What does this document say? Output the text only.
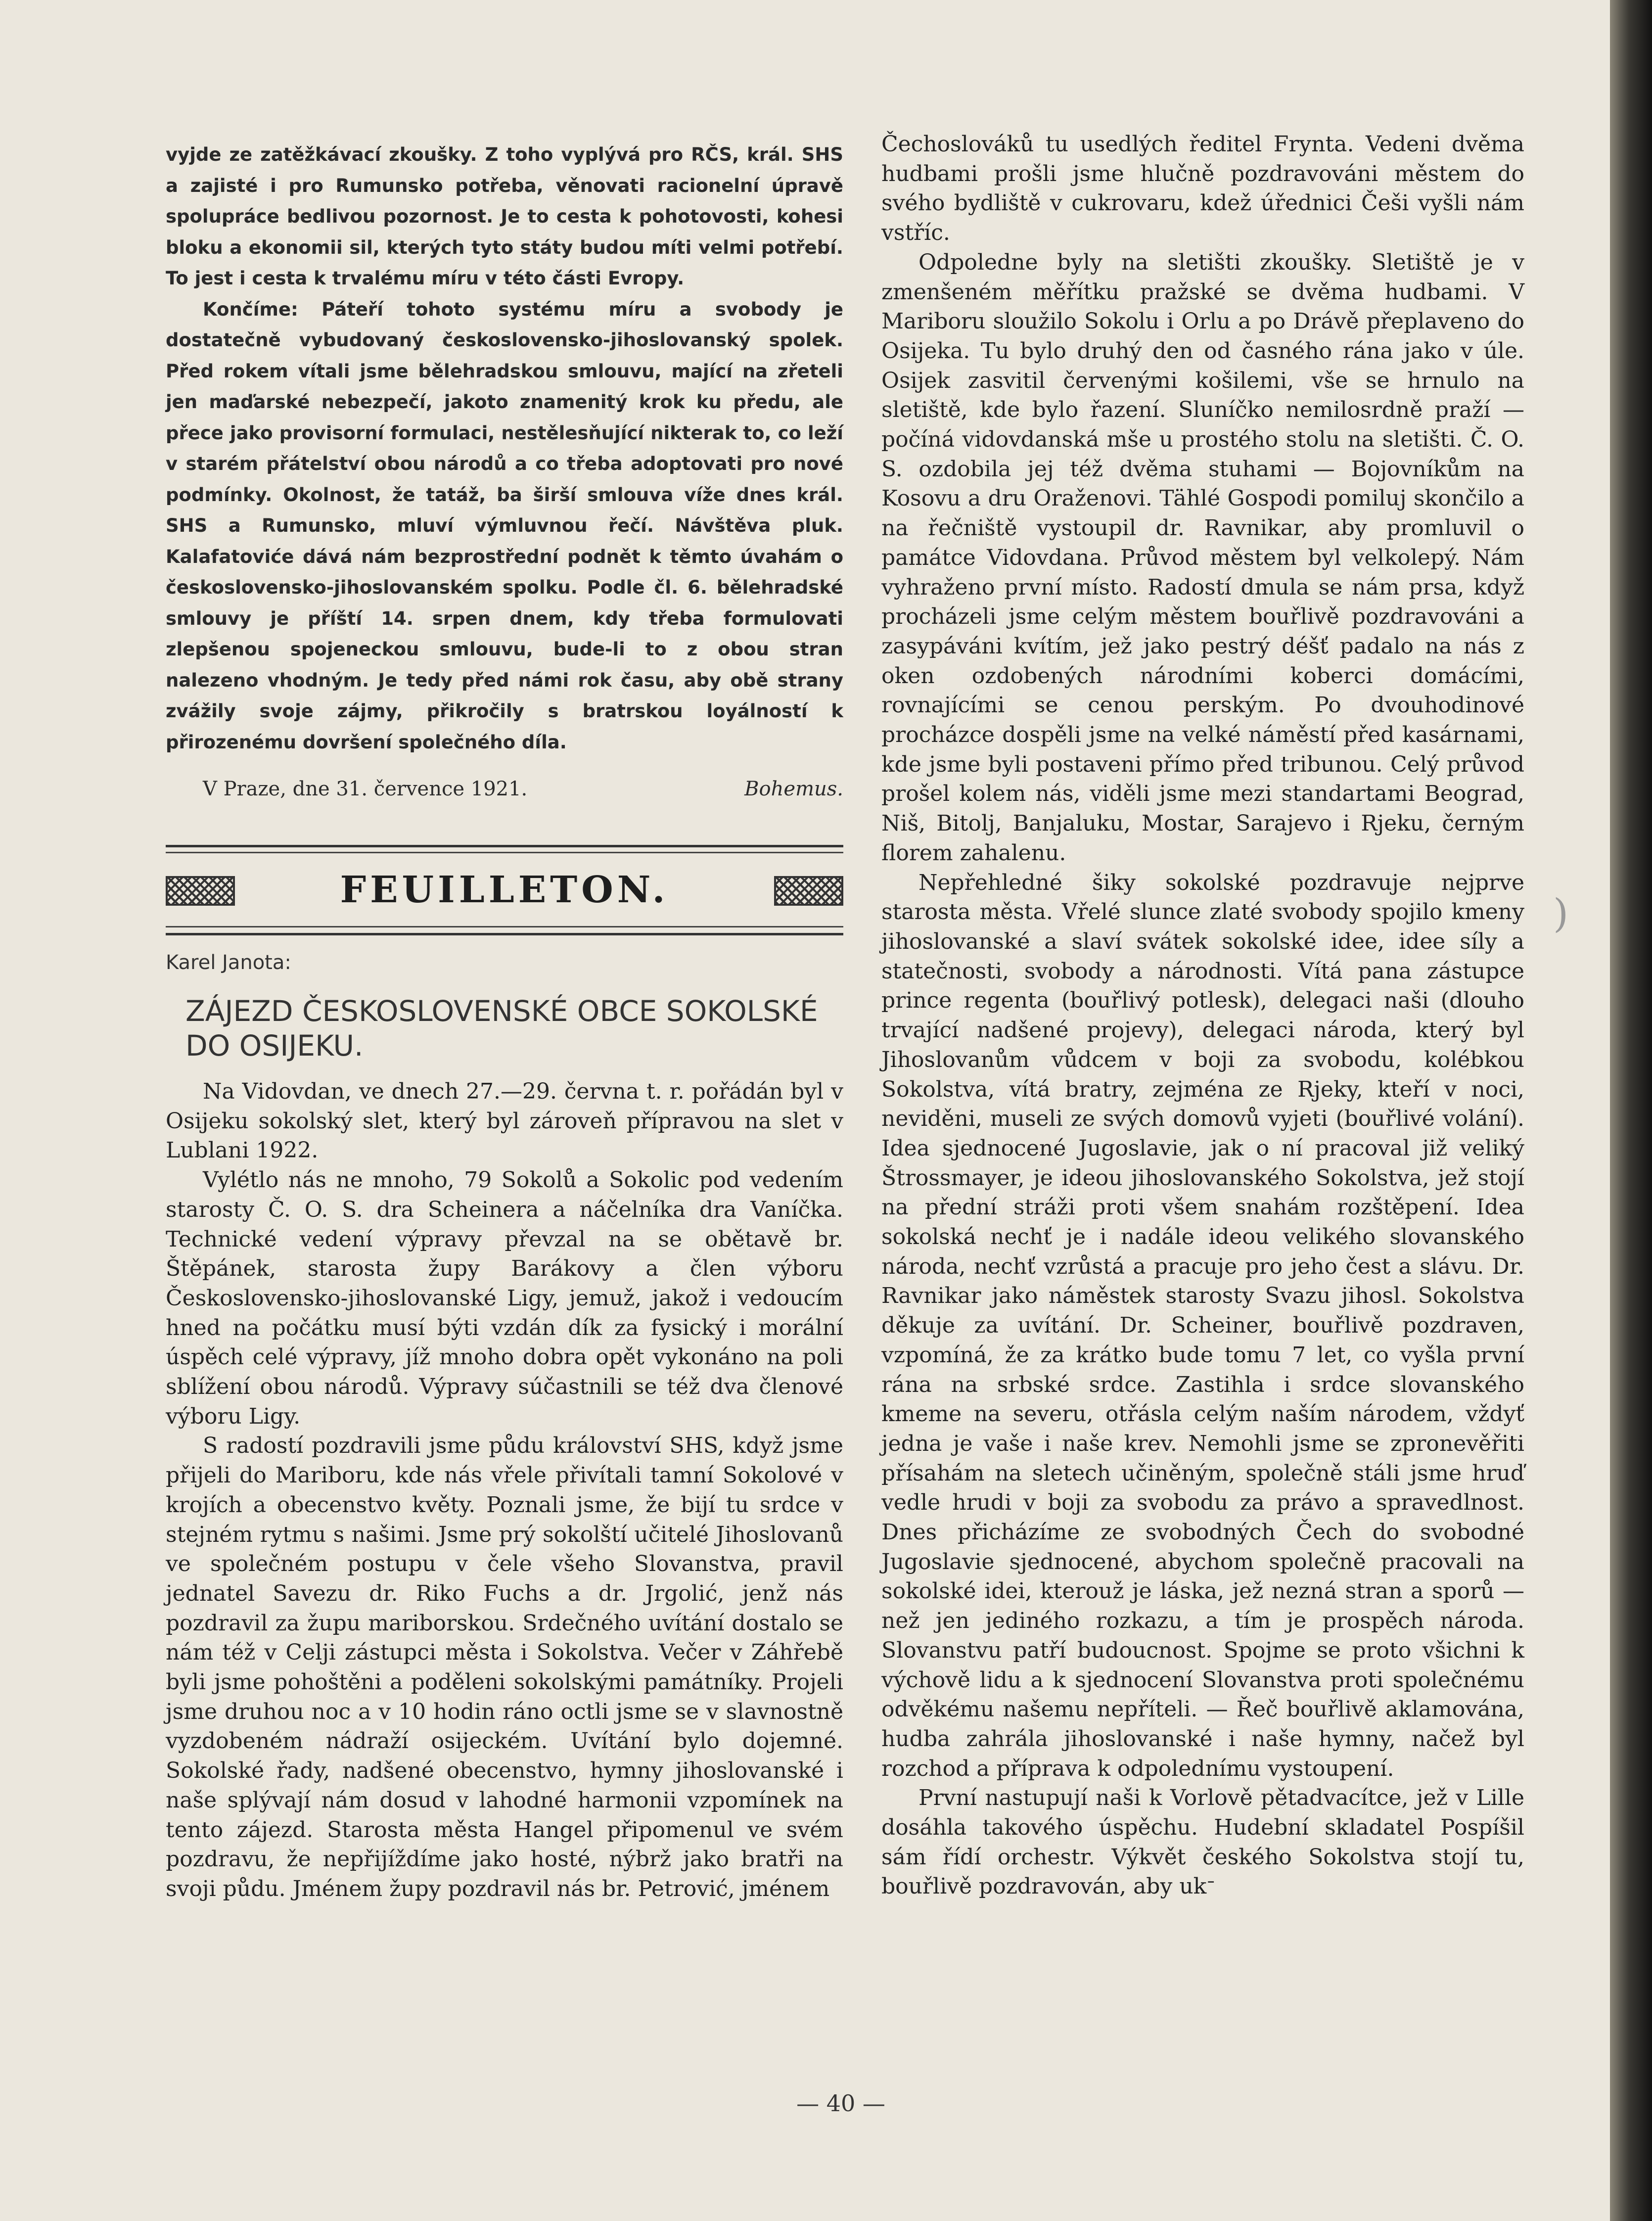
vyjde ze zatěžkávací zkoušky. Z toho vyplývá pro RČS, král. SHS a zajisté i pro Rumunsko potřeba, věnovati racionelní úpravě spolupráce bedlivou pozornost. Je to cesta k pohotovosti, kohesi bloku a ekonomii sil, kterých tyto státy budou míti velmi potřebí. To jest i cesta k trvalému míru v této části Evropy.

Končíme: Páteří tohoto systému míru a svobody je dostatečně vybudovaný československo-jihoslovanský spolek. Před rokem vítali jsme bělehradskou smlouvu, mající na zřeteli jen maďarské nebezpečí, jakoto znamenitý krok ku předu, ale přece jako provisorní formulaci, nestělesňující nikterak to, co leží v starém přátelství obou národů a co třeba adoptovati pro nové podmínky. Okolnost, že tatáž, ba širší smlouva víže dnes král. SHS a Rumunsko, mluví výmluvnou řečí. Návštěva pluk. Kalafatoviće dává nám bezprostřední podnět k těmto úvahám o československo-jihoslovanském spolku. Podle čl. 6. bělehradské smlouvy je příští 14. srpen dnem, kdy třeba formulovati zlepšenou spojeneckou smlouvu, bude-li to z obou stran nalezeno vhodným. Je tedy před námi rok času, aby obě strany zvážily svoje zájmy, přikročily s bratrskou loyálností k přirozenému dovršení společného díla.

V Praze, dne 31. července 1921.	Bohemus.
FEUILLETON.

Karel Janota:

ZÁJEZD ČESKOSLOVENSKÉ OBCE SOKOLSKÉ DO OSIJEKU.

Na Vidovdan, ve dnech 27.—29. června t. r. pořádán byl v Osijeku sokolský slet, který byl zároveň přípravou na slet v Lublani 1922.

Vylétlo nás ne mnoho, 79 Sokolů a Sokolic pod vedením starosty Č. O. S. dra Scheinera a náčelníka dra Vaníčka. Technické vedení výpravy převzal na se obětavě br. Štěpánek, starosta župy Barákovy a člen výboru Československo-jihoslovanské Ligy, jemuž, jakož i vedoucím hned na počátku musí býti vzdán dík za fysický i morální úspěch celé výpravy, jíž mnoho dobra opět vykonáno na poli sblížení obou národů. Výpravy súčastnili se též dva členové výboru Ligy.

S radostí pozdravili jsme půdu království SHS, když jsme přijeli do Mariboru, kde nás vřele přivítali tamní Sokolové v krojích a obecenstvo květy. Poznali jsme, že bijí tu srdce v stejném rytmu s našimi. Jsme prý sokolští učitelé Jihoslovanů ve společném postupu v čele všeho Slovanstva, pravil jednatel Savezu dr. Riko Fuchs a dr. Jrgolić, jenž nás pozdravil za župu mariborskou. Srdečného uvítání dostalo se nám též v Celji zástupci města i Sokolstva. Večer v Záhřebě byli jsme pohoštěni a poděleni sokolskými památníky. Projeli jsme druhou noc a v 10 hodin ráno octli jsme se v slavnostně vyzdobeném nádraží osijeckém. Uvítání bylo dojemné. Sokolské řady, nadšené obecenstvo, hymny jihoslovanské i naše splývají nám dosud v lahodné harmonii vzpomínek na tento zájezd. Starosta města Hangel připomenul ve svém pozdravu, že nepřijíždíme jako hosté, nýbrž jako bratři na svoji půdu. Jménem župy pozdravil nás br. Petrović, jménem

Čechoslováků tu usedlých ředitel Frynta. Vedeni dvěma hudbami prošli jsme hlučně pozdravováni městem do svého bydliště v cukrovaru, kdež úřednici Češi vyšli nám vstříc.

Odpoledne byly na sletišti zkoušky. Sletiště je v zmenšeném měřítku pražské se dvěma hudbami. V Mariboru sloužilo Sokolu i Orlu a po Drávě přeplaveno do Osijeka. Tu bylo druhý den od časného rána jako v úle. Osijek zasvitil červenými košilemi, vše se hrnulo na sletiště, kde bylo řazení. Sluníčko nemilosrdně praží — počíná vidovdanská mše u prostého stolu na sletišti. Č. O. S. ozdobila jej též dvěma stuhami — Bojovníkům na Kosovu a dru Oraženovi. Tählé Gospodi pomiluj skončilo a na řečniště vystoupil dr. Ravnikar, aby promluvil o památce Vidovdana. Průvod městem byl velkolepý. Nám vyhraženo první místo. Radostí dmula se nám prsa, když procházeli jsme celým městem bouřlivě pozdravováni a zasypáváni kvítím, jež jako pestrý déšť padalo na nás z oken ozdobených národními koberci domácími, rovnajícími se cenou perským. Po dvouhodinové procházce dospěli jsme na velké náměstí před kasárnami, kde jsme byli postaveni přímo před tribunou. Celý průvod prošel kolem nás, viděli jsme mezi standartami Beograd, Niš, Bitolj, Banjaluku, Mostar, Sarajevo i Rjeku, černým florem zahalenu.

Nepřehledné šiky sokolské pozdravuje nejprve starosta města. Vřelé slunce zlaté svobody spojilo kmeny jihoslovanské a slaví svátek sokolské idee, idee síly a statečnosti, svobody a národnosti. Vítá pana zástupce prince regenta (bouřlivý potlesk), delegaci naši (dlouho trvající nadšené projevy), delegaci národa, který byl Jihoslovanům vůdcem v boji za svobodu, kolébkou Sokolstva, vítá bratry, zejména ze Rjeky, kteří v noci, neviděni, museli ze svých domovů vyjeti (bouřlivé volání). Idea sjednocené Jugoslavie, jak o ní pracoval již veliký Štrossmayer, je ideou jihoslovanského Sokolstva, jež stojí na přední stráži proti všem snahám rozštěpení. Idea sokolská nechť je i nadále ideou velikého slovanského národa, nechť vzrůstá a pracuje pro jeho čest a slávu. Dr. Ravnikar jako náměstek starosty Svazu jihosl. Sokolstva děkuje za uvítání. Dr. Scheiner, bouřlivě pozdraven, vzpomíná, že za krátko bude tomu 7 let, co vyšla první rána na srbské srdce. Zastihla i srdce slovanského kmeme na severu, otřásla celým naším národem, vždyť jedna je vaše i naše krev. Nemohli jsme se zpronevěřiti přísahám na sletech učiněným, společně stáli jsme hruď vedle hrudi v boji za svobodu za právo a spravedlnost. Dnes přicházíme ze svobodných Čech do svobodné Jugoslavie sjednocené, abychom společně pracovali na sokolské idei, kterouž je láska, jež nezná stran a sporů — než jen jediného rozkazu, a tím je prospěch národa. Slovanstvu patří budoucnost. Spojme se proto všichni k výchově lidu a k sjednocení Slovanstva proti společnému odvěkému našemu nepříteli. — Řeč bouřlivě aklamována, hudba zahrála jihoslovanské i naše hymny, načež byl rozchod a příprava k odpolednímu vystoupení.

První nastupují naši k Vorlově pětadvacítce, jež v Lille dosáhla takového úspěchu. Hudební skladatel Pospíšil sám řídí orchestr. Výkvět českého Sokolstva stojí tu, bouřlivě pozdravován, aby ukᐨ

— 40 —
)
